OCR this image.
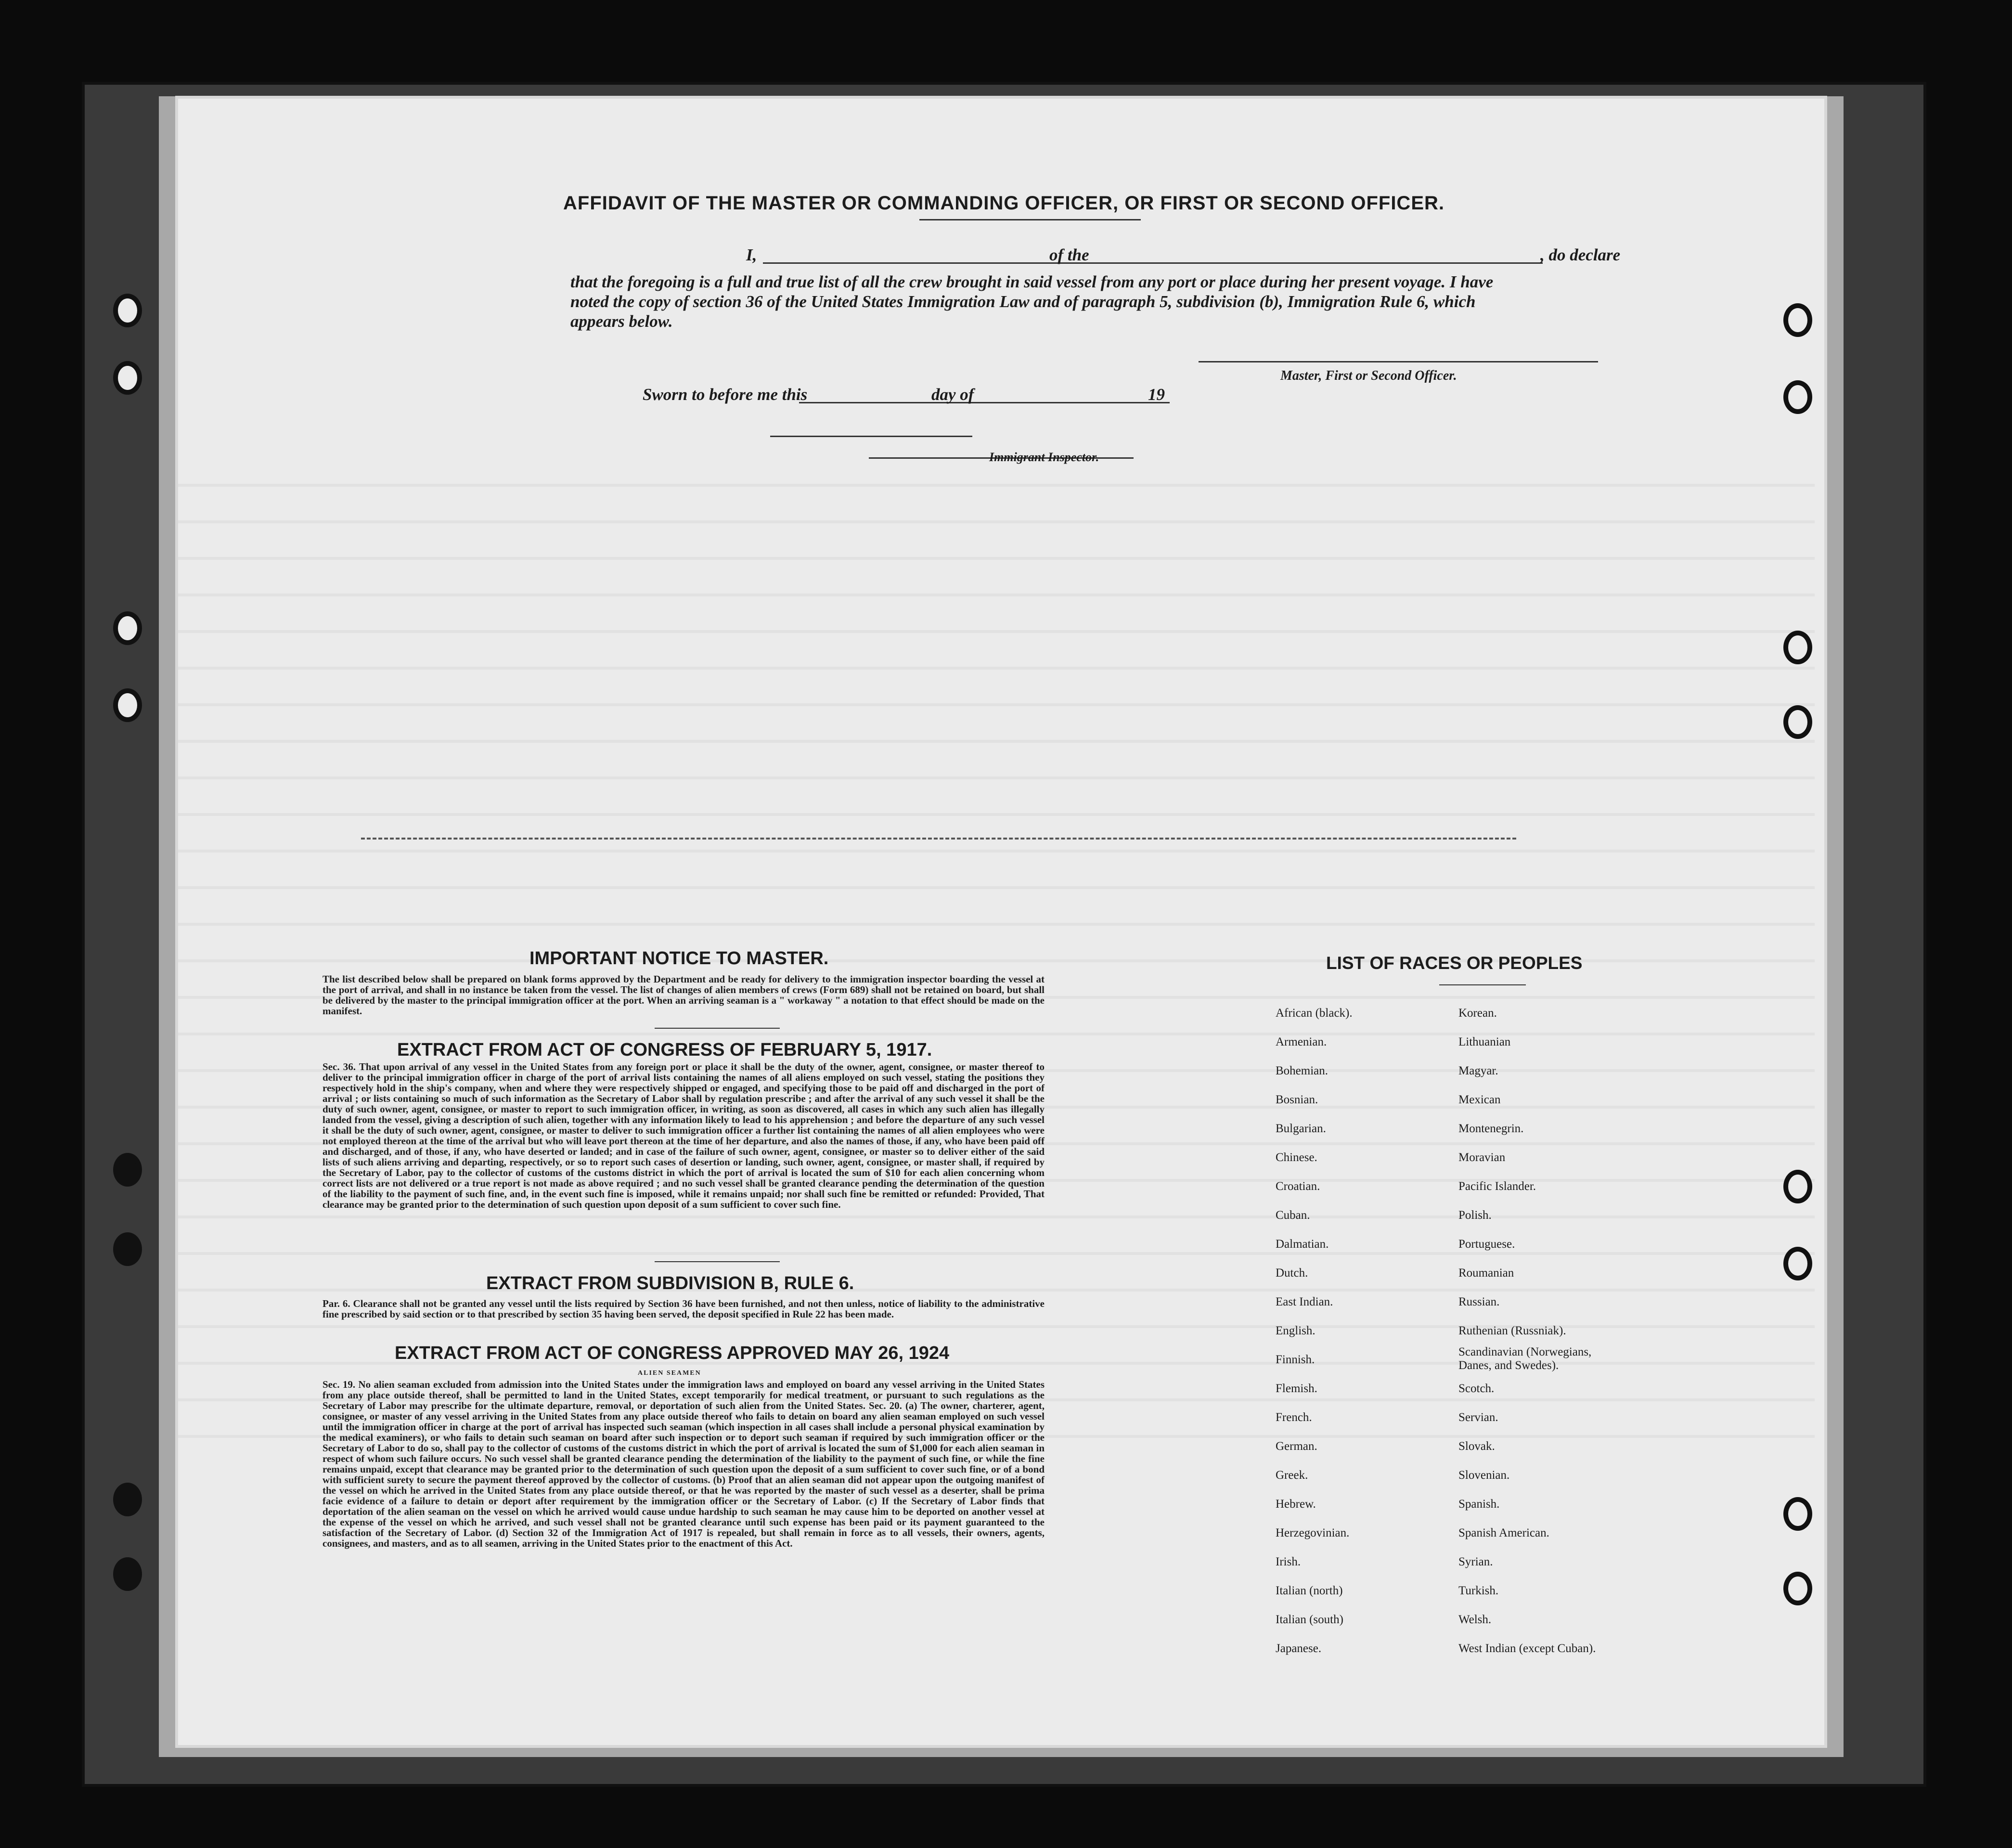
AFFIDAVIT OF THE MASTER OR COMMANDING OFFICER, OR FIRST OR SECOND OFFICER.
I,	of the	, do declare
that the foregoing is a full and true list of all the crew brought in said vessel from any port or place during her present voyage. I have noted the copy of section 36 of the United States Immigration Law and of paragraph 5, subdivision (b), Immigration Rule 6, which appears below.
Master, First or Second Officer.
Sworn to before me this	day of	19
Immigrant Inspector.
IMPORTANT NOTICE TO MASTER.
The list described below shall be prepared on blank forms approved by the Department and be ready for delivery to the immigration inspector boarding the vessel at the port of arrival, and shall in no instance be taken from the vessel. The list of changes of alien members of crews (Form 689) shall not be retained on board, but shall be delivered by the master to the principal immigration officer at the port. When an arriving seaman is a " workaway " a notation to that effect should be made on the manifest.
EXTRACT FROM ACT OF CONGRESS OF FEBRUARY 5, 1917.
Sec. 36. That upon arrival of any vessel in the United States from any foreign port or place it shall be the duty of the owner, agent, consignee, or master thereof to deliver to the principal immigration officer in charge of the port of arrival lists containing the names of all aliens employed on such vessel, stating the positions they respectively hold in the ship's company, when and where they were respectively shipped or engaged, and specifying those to be paid off and discharged in the port of arrival ; or lists containing so much of such information as the Secretary of Labor shall by regulation prescribe ; and after the arrival of any such vessel it shall be the duty of such owner, agent, consignee, or master to report to such immigration officer, in writing, as soon as discovered, all cases in which any such alien has illegally landed from the vessel, giving a description of such alien, together with any information likely to lead to his apprehension ; and before the departure of any such vessel it shall be the duty of such owner, agent, consignee, or master to deliver to such immigration officer a further list containing the names of all alien employees who were not employed thereon at the time of the arrival but who will leave port thereon at the time of her departure, and also the names of those, if any, who have been paid off and discharged, and of those, if any, who have deserted or landed; and in case of the failure of such owner, agent, consignee, or master so to deliver either of the said lists of such aliens arriving and departing, respectively, or so to report such cases of desertion or landing, such owner, agent, consignee, or master shall, if required by the Secretary of Labor, pay to the collector of customs of the customs district in which the port of arrival is located the sum of $10 for each alien concerning whom correct lists are not delivered or a true report is not made as above required ; and no such vessel shall be granted clearance pending the determination of the question of the liability to the payment of such fine, and, in the event such fine is imposed, while it remains unpaid; nor shall such fine be remitted or refunded: Provided, That clearance may be granted prior to the determination of such question upon deposit of a sum sufficient to cover such fine.
EXTRACT FROM SUBDIVISION B, RULE 6.
Par. 6. Clearance shall not be granted any vessel until the lists required by Section 36 have been furnished, and not then unless, notice of liability to the administrative fine prescribed by said section or to that prescribed by section 35 having been served, the deposit specified in Rule 22 has been made.
EXTRACT FROM ACT OF CONGRESS APPROVED MAY 26, 1924
ALIEN SEAMEN
Sec. 19. No alien seaman excluded from admission into the United States under the immigration laws and employed on board any vessel arriving in the United States from any place outside thereof, shall be permitted to land in the United States, except temporarily for medical treatment, or pursuant to such regulations as the Secretary of Labor may prescribe for the ultimate departure, removal, or deportation of such alien from the United States. Sec. 20. (a) The owner, charterer, agent, consignee, or master of any vessel arriving in the United States from any place outside thereof who fails to detain on board any alien seaman employed on such vessel until the immigration officer in charge at the port of arrival has inspected such seaman (which inspection in all cases shall include a personal physical examination by the medical examiners), or who fails to detain such seaman on board after such inspection or to deport such seaman if required by such immigration officer or the Secretary of Labor to do so, shall pay to the collector of customs of the customs district in which the port of arrival is located the sum of $1,000 for each alien seaman in respect of whom such failure occurs. No such vessel shall be granted clearance pending the determination of the liability to the payment of such fine, or while the fine remains unpaid, except that clearance may be granted prior to the determination of such question upon the deposit of a sum sufficient to cover such fine, or of a bond with sufficient surety to secure the payment thereof approved by the collector of customs. (b) Proof that an alien seaman did not appear upon the outgoing manifest of the vessel on which he arrived in the United States from any place outside thereof, or that he was reported by the master of such vessel as a deserter, shall be prima facie evidence of a failure to detain or deport after requirement by the immigration officer or the Secretary of Labor. (c) If the Secretary of Labor finds that deportation of the alien seaman on the vessel on which he arrived would cause undue hardship to such seaman he may cause him to be deported on another vessel at the expense of the vessel on which he arrived, and such vessel shall not be granted clearance until such expense has been paid or its payment guaranteed to the satisfaction of the Secretary of Labor. (d) Section 32 of the Immigration Act of 1917 is repealed, but shall remain in force as to all vessels, their owners, agents, consignees, and masters, and as to all seamen, arriving in the United States prior to the enactment of this Act.
LIST OF RACES OR PEOPLES
African (black).
Armenian.
Bohemian.
Bosnian.
Bulgarian.
Chinese.
Croatian.
Cuban.
Dalmatian.
Dutch.
East Indian.
English.
Finnish.
Flemish.
French.
German.
Greek.
Hebrew.
Herzegovinian.
Irish.
Italian (north)
Italian (south)
Japanese.
Korean.
Lithuanian
Magyar.
Mexican
Montenegrin.
Moravian
Pacific Islander.
Polish.
Portuguese.
Roumanian
Russian.
Ruthenian (Russniak).
Scandinavian (Norwegians, Danes, and Swedes).
Scotch.
Servian.
Slovak.
Slovenian.
Spanish.
Spanish American.
Syrian.
Turkish.
Welsh.
West Indian (except Cuban).
